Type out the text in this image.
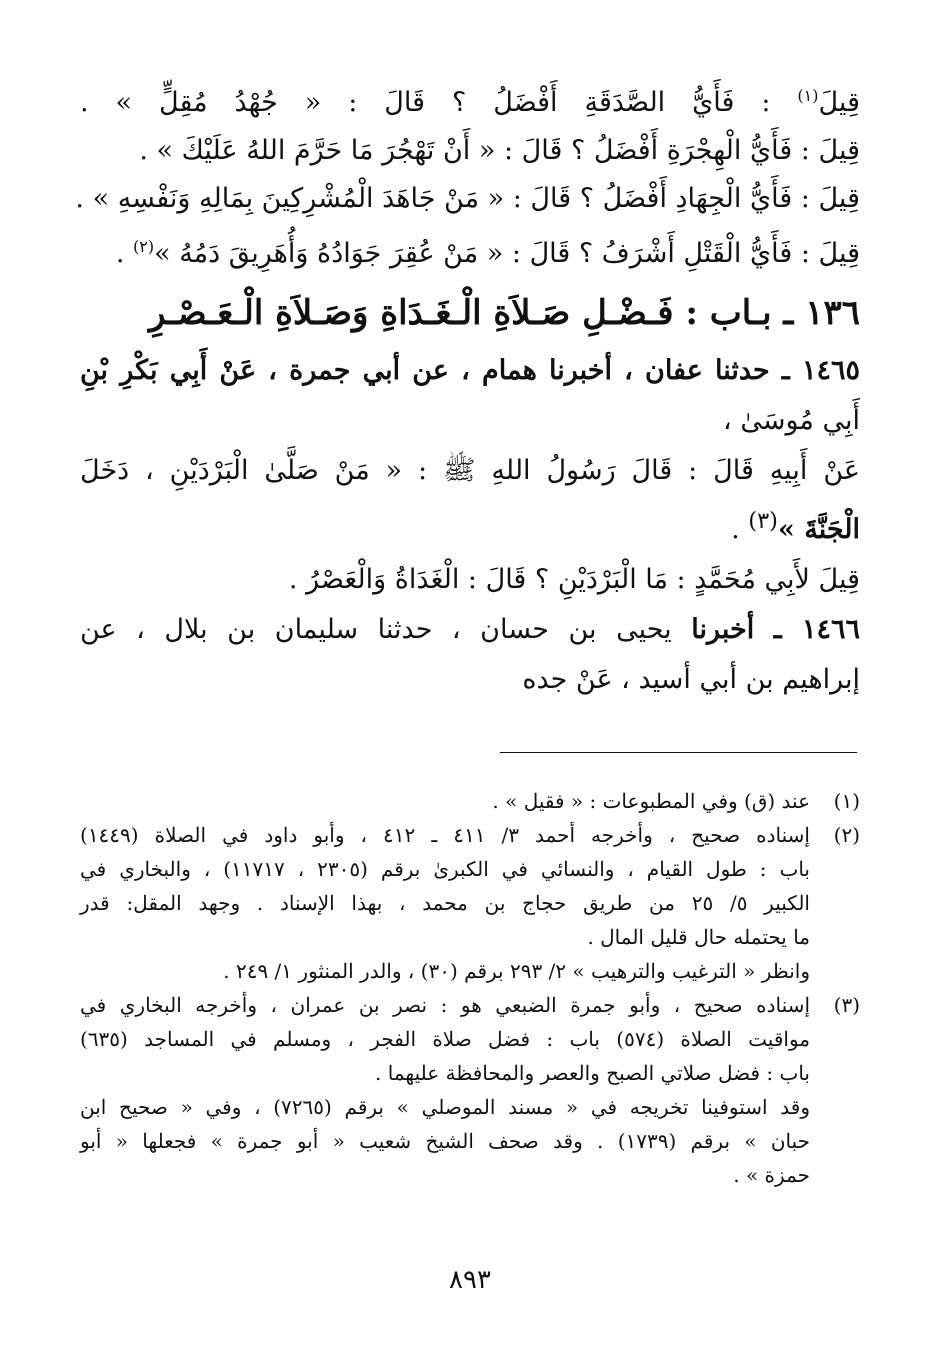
قِيلَ$^{(١)}$ : فَأَيُّ الصَّدَقَةِ أَفْضَلُ ؟ قَالَ : « جُهْدُ مُقِلٍّ » .
قِيلَ : فَأَيُّ الْهِجْرَةِ أَفْضَلُ ؟ قَالَ : « أَنْ تَهْجُرَ مَا حَرَّمَ اللهُ عَلَيْكَ » .
قِيلَ : فَأَيُّ الْجِهَادِ أَفْضَلُ ؟ قَالَ : « مَنْ جَاهَدَ الْمُشْرِكِينَ بِمَالِهِ وَنَفْسِهِ » .
قِيلَ : فَأَيُّ الْقَتْلِ أَشْرَفُ ؟ قَالَ : « مَنْ عُقِرَ جَوَادُهُ وَأُهَرِيقَ دَمُهُ »$^{(٢)}$ .
١٣٦ ـ بـاب : فَـضْـلِ صَـلاَةِ الْـغَـدَاةِ وَصَـلاَةِ الْـعَـصْـرِ
١٤٦٥ ـ حدثنا عفان ، أخبرنا همام ، عن أبي جمرة ، عَنْ أَبِي بَكْرِ بْنِ
أَبِي مُوسَىٰ ،
عَنْ أَبِيهِ قَالَ : قَالَ رَسُولُ اللهِ ﷺ : « مَنْ صَلَّىٰ الْبَرْدَيْنِ ، دَخَلَ
الْجَنَّةَ »$^{(٣)}$ .
قِيلَ لأَبِي مُحَمَّدٍ : مَا الْبَرْدَيْنِ ؟ قَالَ : الْغَدَاةُ وَالْعَصْرُ .
١٤٦٦ ـ أخبرنا يحيى بن حسان ، حدثنا سليمان بن بلال ، عن
إبراهيم بن أبي أسيد ، عَنْ جده
(١)
عند (ق) وفي المطبوعات : « فقيل » .
(٢)
إسناده صحيح ، وأخرجه أحمد ٣/ ٤١١ ـ ٤١٢ ، وأبو داود في الصلاة (١٤٤٩)
باب : طول القيام ، والنسائي في الكبرىٰ برقم (٢٣٠٥ ، ١١٧١٧) ، والبخاري في
الكبير ٥/ ٢٥ من طريق حجاج بن محمد ، بهذا الإسناد . وجهد المقل: قدر
ما يحتمله حال قليل المال .
وانظر « الترغيب والترهيب » ٢/ ٢٩٣ برقم (٣٠) ، والدر المنثور ١/ ٢٤٩ .
(٣)
إسناده صحيح ، وأبو جمرة الضبعي هو : نصر بن عمران ، وأخرجه البخاري في
مواقيت الصلاة (٥٧٤) باب : فضل صلاة الفجر ، ومسلم في المساجد (٦٣٥)
باب : فضل صلاتي الصبح والعصر والمحافظة عليهما .
وقد استوفينا تخريجه في « مسند الموصلي » برقم (٧٢٦٥) ، وفي « صحيح ابن
حبان » برقم (١٧٣٩) . وقد صحف الشيخ شعيب « أبو جمرة » فجعلها « أبو
حمزة » .
٨٩٣
